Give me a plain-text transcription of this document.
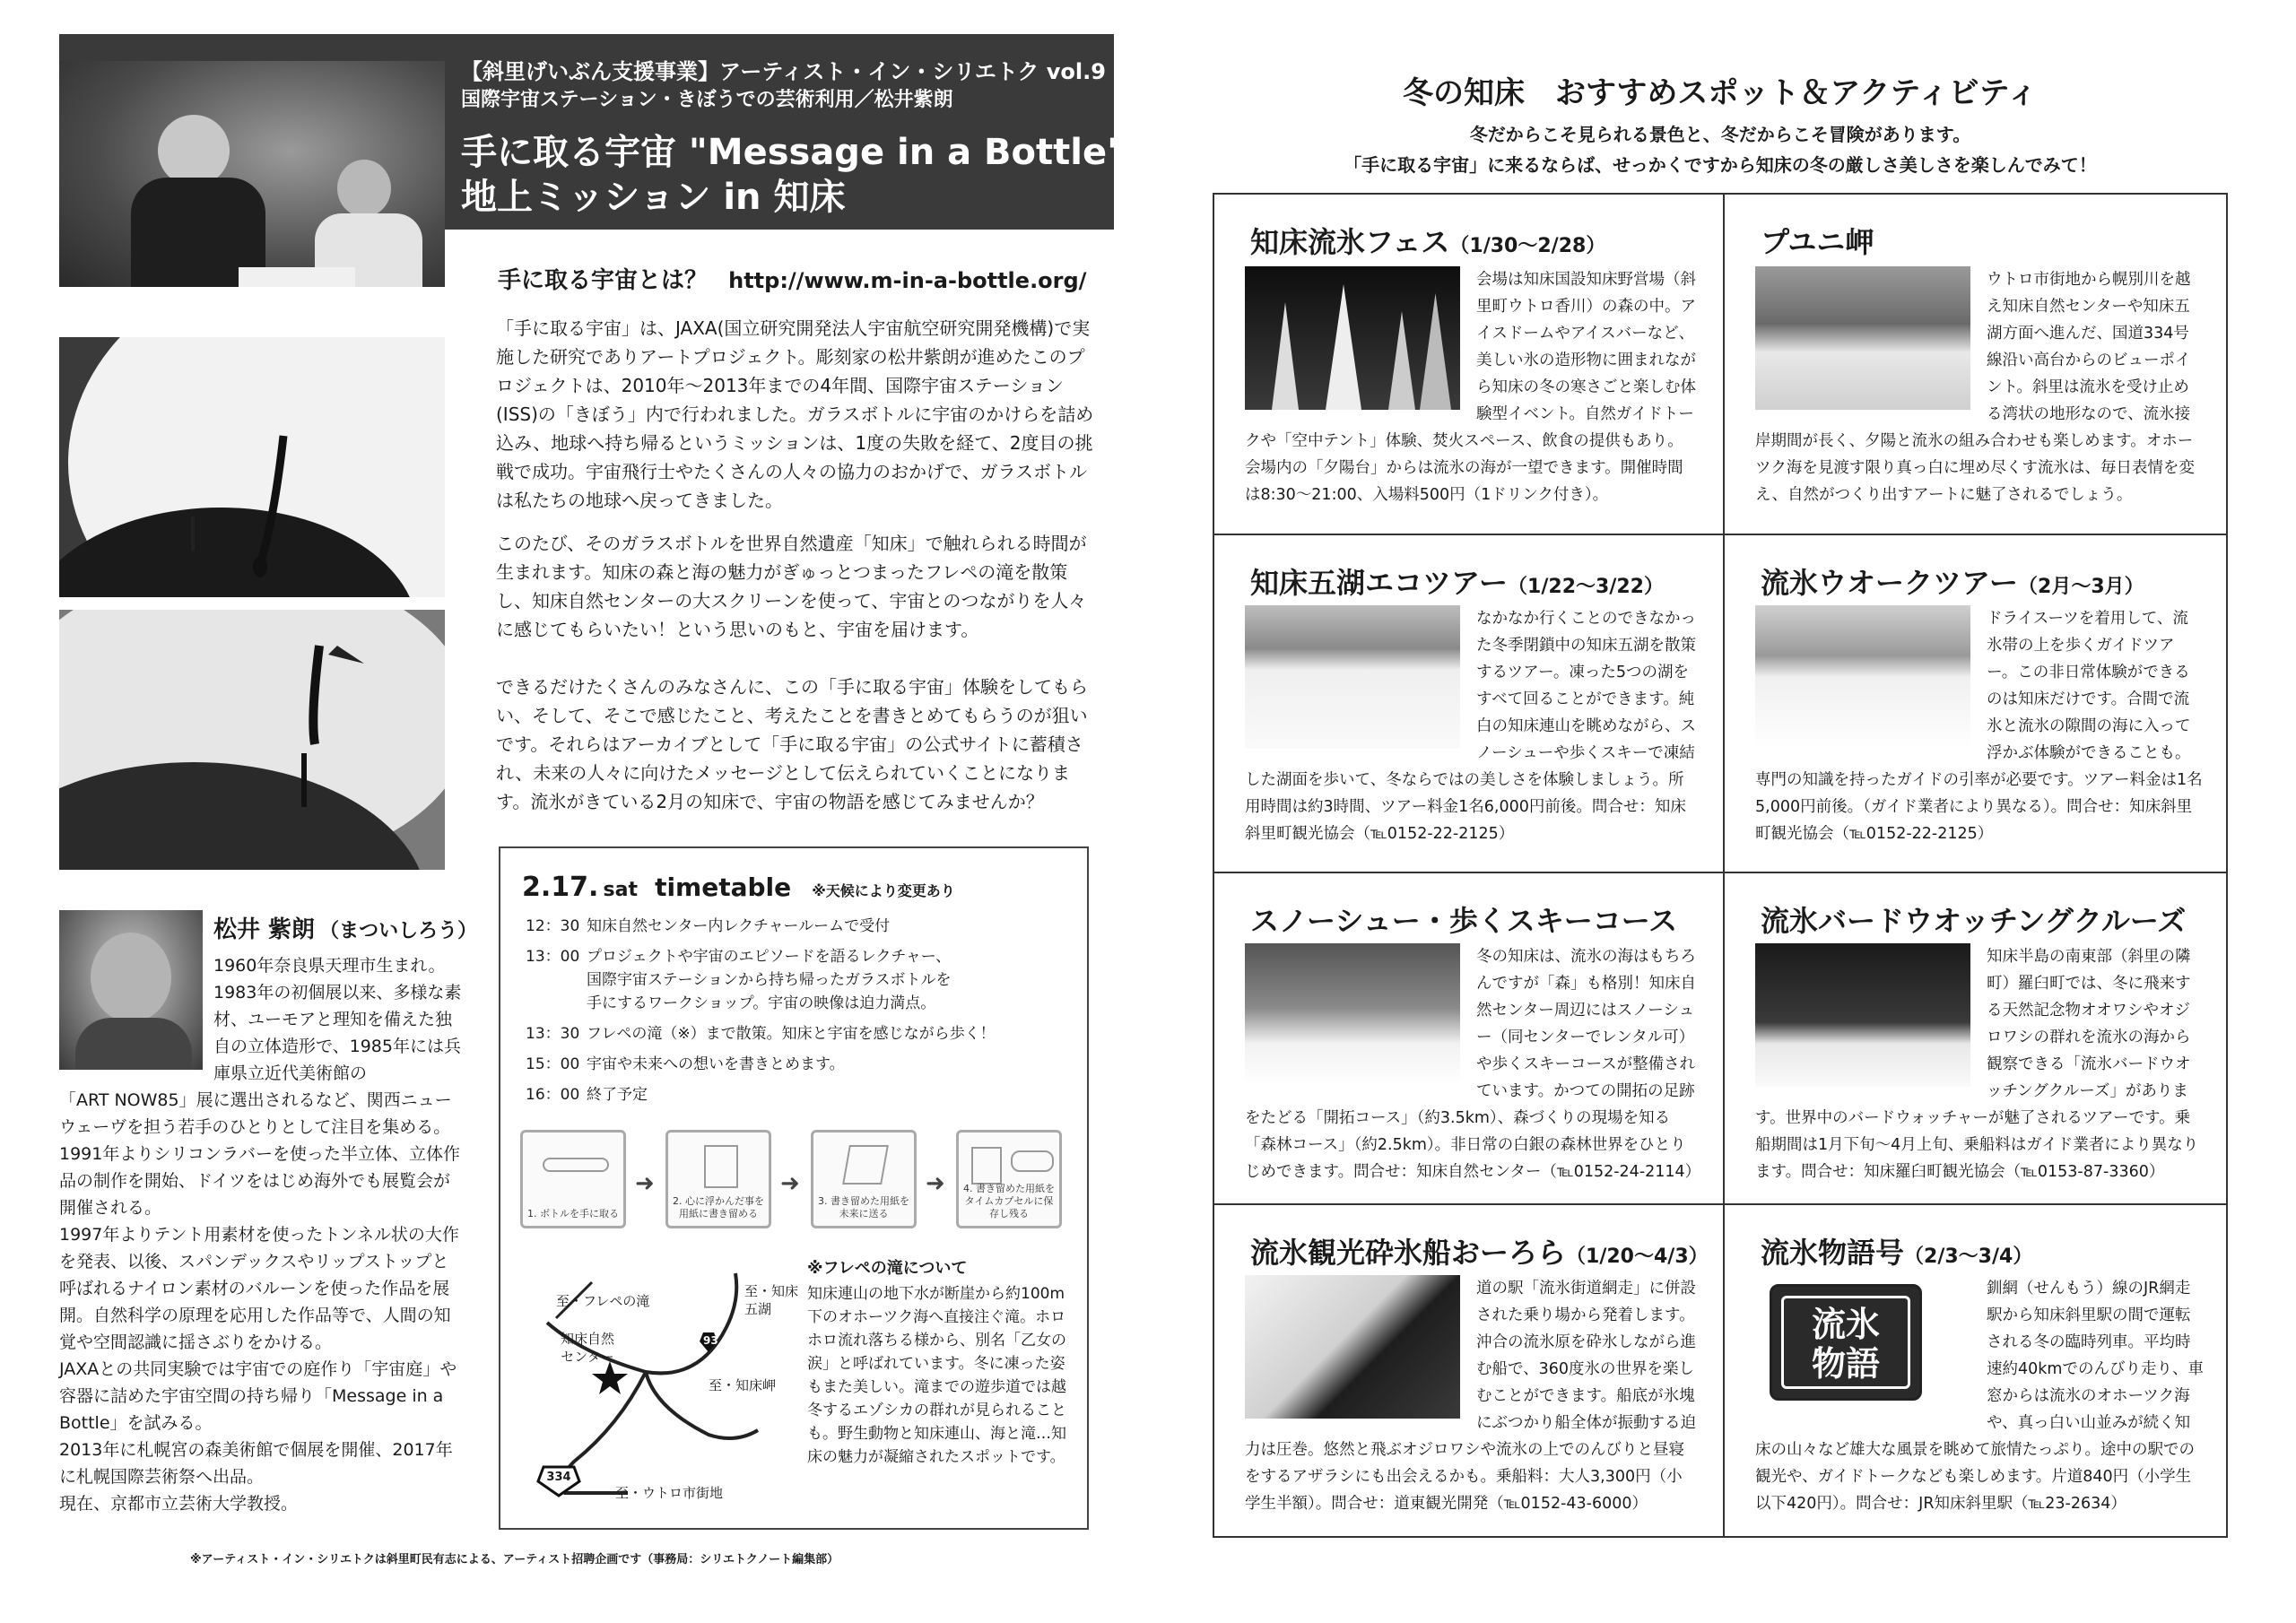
【斜里げいぶん支援事業】アーティスト・イン・シリエトク vol.9
国際宇宙ステーション・きぼうでの芸術利用／松井紫朗
手に取る宇宙 "Message in a Bottle"
地上ミッション in 知床
手に取る宇宙とは？ http://www.m-in-a-bottle.org/
「手に取る宇宙」は、JAXA(国立研究開発法人宇宙航空研究開発機構)で実施した研究でありアートプロジェクト。彫刻家の松井紫朗が進めたこのプロジェクトは、2010年〜2013年までの4年間、国際宇宙ステーション(ISS)の「きぼう」内で行われました。ガラスボトルに宇宙のかけらを詰め込み、地球へ持ち帰るというミッションは、1度の失敗を経て、2度目の挑戦で成功。宇宙飛行士やたくさんの人々の協力のおかげで、ガラスボトルは私たちの地球へ戻ってきました。
このたび、そのガラスボトルを世界自然遺産「知床」で触れられる時間が生まれます。知床の森と海の魅力がぎゅっとつまったフレペの滝を散策し、知床自然センターの大スクリーンを使って、宇宙とのつながりを人々に感じてもらいたい！という思いのもと、宇宙を届けます。
できるだけたくさんのみなさんに、この「手に取る宇宙」体験をしてもらい、そして、そこで感じたこと、考えたことを書きとめてもらうのが狙いです。それらはアーカイブとして「手に取る宇宙」の公式サイトに蓄積され、未来の人々に向けたメッセージとして伝えられていくことになります。流氷がきている2月の知床で、宇宙の物語を感じてみませんか？
松井 紫朗 （まついしろう）
1960年奈良県天理市生まれ。1983年の初個展以来、多様な素材、ユーモアと理知を備えた独自の立体造形で、1985年には兵庫県立近代美術館の
「ART NOW85」展に選出されるなど、関西ニューウェーヴを担う若手のひとりとして注目を集める。1991年よりシリコンラバーを使った半立体、立体作品の制作を開始、ドイツをはじめ海外でも展覧会が開催される。
1997年よりテント用素材を使ったトンネル状の大作を発表、以後、スパンデックスやリップストップと呼ばれるナイロン素材のバルーンを使った作品を展開。自然科学の原理を応用した作品等で、人間の知覚や空間認識に揺さぶりをかける。
JAXAとの共同実験では宇宙での庭作り「宇宙庭」や容器に詰めた宇宙空間の持ち帰り「Message in a Bottle」を試みる。
2013年に札幌宮の森美術館で個展を開催、2017年に札幌国際芸術祭へ出品。
現在、京都市立芸術大学教授。
2.17. sat timetable ※天候により変更あり
12：30 知床自然センター内レクチャールームで受付
13：00 プロジェクトや宇宙のエピソードを語るレクチャー、
国際宇宙ステーションから持ち帰ったガラスボトルを
手にするワークショップ。宇宙の映像は迫力満点。
13：30 フレペの滝（※）まで散策。知床と宇宙を感じながら歩く！
15：00 宇宙や未来への想いを書きとめます。
16：00 終了予定
1. ボトルを手に取る
➜
2. 心に浮かんだ事を用紙に書き留める
➜
3. 書き留めた用紙を未来に送る
➜ 4. 書き留めた用紙をタイムカプセルに保存し残る
至・フレペの滝
知床自然センター
至・知床五湖
至・知床岬
至・ウトロ市街地
93
334
※フレペの滝について
知床連山の地下水が断崖から約100m 下のオホーツク海へ直接注ぐ滝。ホロホロ流れ落ちる様から、別名「乙女の涙」と呼ばれています。冬に凍った姿もまた美しい。滝までの遊歩道では越冬するエゾシカの群れが見られることも。野生動物と知床連山、海と滝…知床の魅力が凝縮されたスポットです。
※アーティスト・イン・シリエトクは斜里町民有志による、アーティスト招聘企画です（事務局：シリエトクノート編集部）
冬の知床　おすすめスポット＆アクティビティ
冬だからこそ見られる景色と、冬だからこそ冒険があります。
「手に取る宇宙」に来るならば、せっかくですから知床の冬の厳しさ美しさを楽しんでみて！
知床流氷フェス（1/30〜2/28）
会場は知床国設知床野営場（斜里町ウトロ香川）の森の中。アイスドームやアイスバーなど、美しい氷の造形物に囲まれながら知床の冬の寒さごと楽しむ体験型イベント。自然ガイドトークや「空中テント」体験、焚火スペース、飲食の提供もあり。会場内の「夕陽台」からは流氷の海が一望できます。開催時間は8:30〜21:00、入場料500円（1ドリンク付き）。
プユニ岬
ウトロ市街地から幌別川を越え知床自然センターや知床五湖方面へ進んだ、国道334号線沿い高台からのビューポイント。斜里は流氷を受け止める湾状の地形なので、流氷接岸期間が長く、夕陽と流氷の組み合わせも楽しめます。オホーツク海を見渡す限り真っ白に埋め尽くす流氷は、毎日表情を変え、自然がつくり出すアートに魅了されるでしょう。
知床五湖エコツアー（1/22〜3/22）
なかなか行くことのできなかった冬季閉鎖中の知床五湖を散策するツアー。凍った5つの湖をすべて回ることができます。純白の知床連山を眺めながら、スノーシューや歩くスキーで凍結した湖面を歩いて、冬ならではの美しさを体験しましょう。所用時間は約3時間、ツアー料金1名6,000円前後。問合せ：知床斜里町観光協会（℡0152-22-2125）
流氷ウオークツアー（2月〜3月）
ドライスーツを着用して、流氷帯の上を歩くガイドツアー。この非日常体験ができるのは知床だけです。合間で流氷と流氷の隙間の海に入って浮かぶ体験ができることも。専門の知識を持ったガイドの引率が必要です。ツアー料金は1名5,000円前後。（ガイド業者により異なる）。問合せ：知床斜里町観光協会（℡0152-22-2125）
スノーシュー・歩くスキーコース
冬の知床は、流氷の海はもちろんですが「森」も格別！知床自然センター周辺にはスノーシュー（同センターでレンタル可）や歩くスキーコースが整備されています。かつての開拓の足跡をたどる「開拓コース」（約3.5km）、森づくりの現場を知る「森林コース」（約2.5km）。非日常の白銀の森林世界をひとりじめできます。問合せ：知床自然センター（℡0152-24-2114）
流氷バードウオッチングクルーズ
知床半島の南東部（斜里の隣町）羅臼町では、冬に飛来する天然記念物オオワシやオジロワシの群れを流氷の海から観察できる「流氷バードウオッチングクルーズ」があります。世界中のバードウォッチャーが魅了されるツアーです。乗船期間は1月下旬〜4月上旬、乗船料はガイド業者により異なります。問合せ：知床羅臼町観光協会（℡0153-87-3360）
流氷観光砕氷船おーろら（1/20〜4/3）
道の駅「流氷街道網走」に併設された乗り場から発着します。沖合の流氷原を砕氷しながら進む船で、360度氷の世界を楽しむことができます。船底が氷塊にぶつかり船全体が振動する迫力は圧巻。悠然と飛ぶオジロワシや流氷の上でのんびりと昼寝をするアザラシにも出会えるかも。乗船料：大人3,300円（小学生半額）。問合せ：道東観光開発（℡0152-43-6000）
流氷物語号（2/3〜3/4）
流氷
物語
釧網（せんもう）線のJR網走駅から知床斜里駅の間で運転される冬の臨時列車。平均時速約40kmでのんびり走り、車窓からは流氷のオホーツク海や、真っ白い山並みが続く知床の山々など雄大な風景を眺めて旅情たっぷり。途中の駅での観光や、ガイドトークなども楽しめます。片道840円（小学生以下420円）。問合せ：JR知床斜里駅（℡23-2634）
